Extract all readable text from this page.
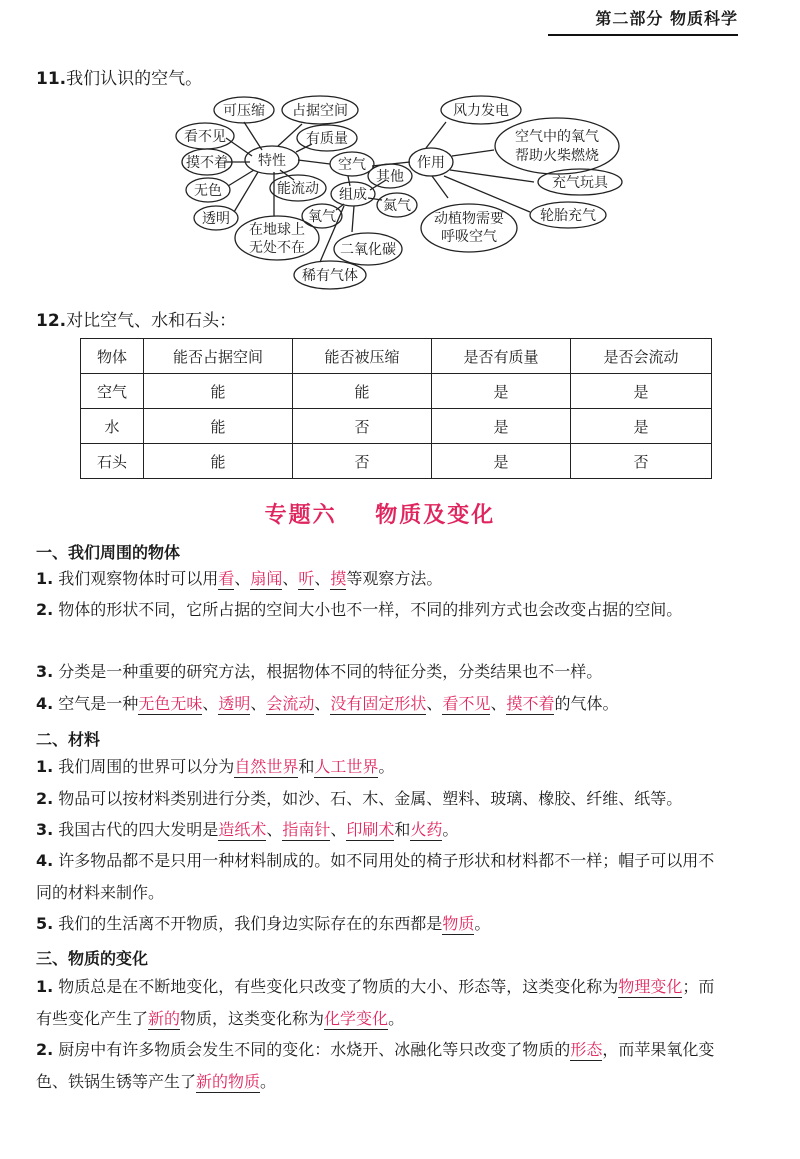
第二部分 物质科学
11.我们认识的空气。
可压缩 占据空间
看不见	有质量
特性	空气
摸不着
无色	能流动 组成
其他
氮气
透明
在地球上
无处不在
氧气
二氧化碳
稀有气体
作用
风力发电
空气中的氧气
帮助火柴燃烧
充气玩具
轮胎充气
动植物需要
呼吸空气
12.对比空气、水和石头：
物体	能否占据空间	能否被压缩	是否有质量	是否会流动
空气	能	能	是	是
水	能	否	是	是
石头	能	否	是	否
专题六    物质及变化
一、我们周围的物体
1. 我们观察物体时可以用看、扇闻、听、摸等观察方法。
2. 物体的形状不同，它所占据的空间大小也不一样，不同的排列方式也会改变占据的空间。
3. 分类是一种重要的研究方法，根据物体不同的特征分类，分类结果也不一样。
4. 空气是一种无色无味、透明、会流动、没有固定形状、看不见、摸不着的气体。
二、材料
1. 我们周围的世界可以分为自然世界和人工世界。
2. 物品可以按材料类别进行分类，如沙、石、木、金属、塑料、玻璃、橡胶、纤维、纸等。
3. 我国古代的四大发明是造纸术、指南针、印刷术和火药。
4. 许多物品都不是只用一种材料制成的。如不同用处的椅子形状和材料都不一样；帽子可以用不同的材料来制作。
5. 我们的生活离不开物质，我们身边实际存在的东西都是物质。
三、物质的变化
1. 物质总是在不断地变化，有些变化只改变了物质的大小、形态等，这类变化称为物理变化；而有些变化产生了新的物质，这类变化称为化学变化。
2. 厨房中有许多物质会发生不同的变化：水烧开、冰融化等只改变了物质的形态，而苹果氧化变色、铁锅生锈等产生了新的物质。
